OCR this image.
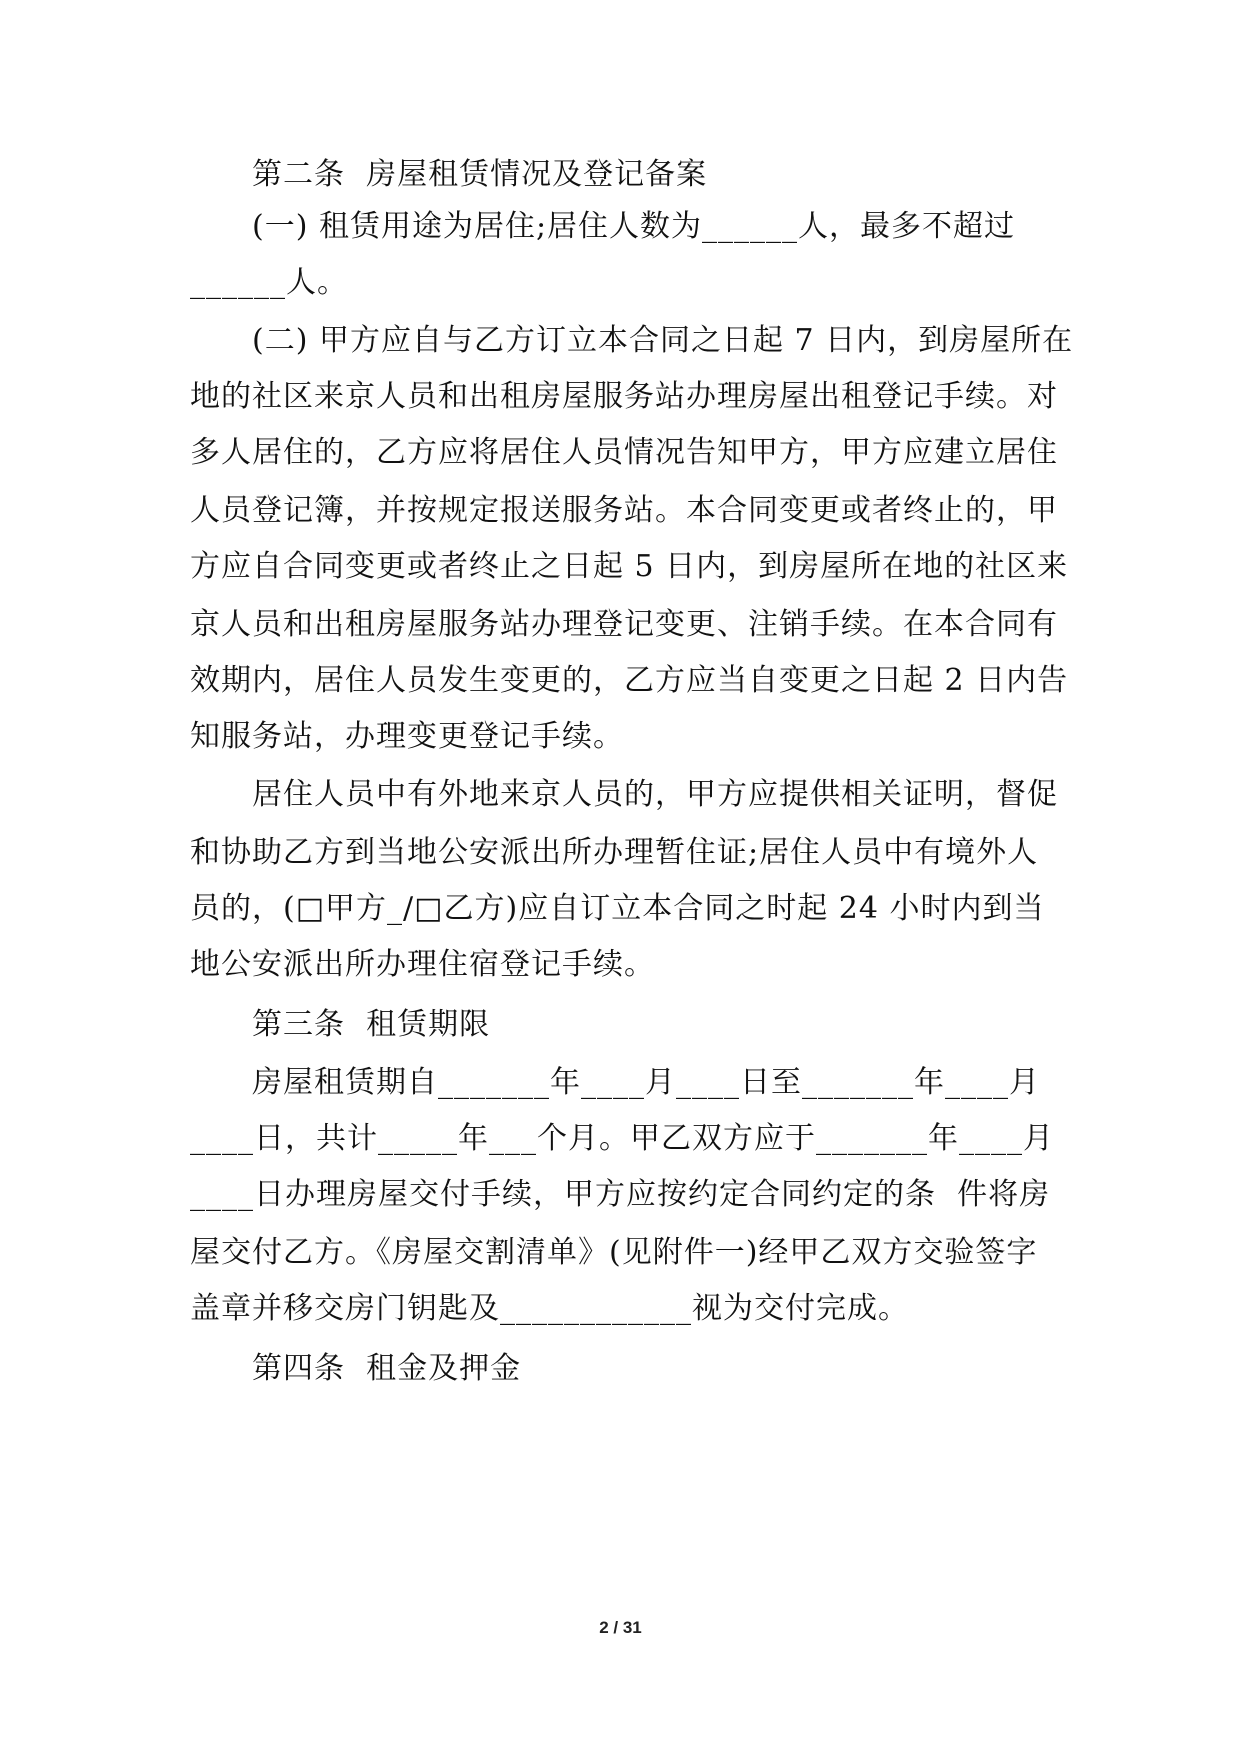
第二条  房屋租赁情况及登记备案
(一) 租赁用途为居住;居住人数为______人，最多不超过
______人。
(二) 甲方应自与乙方订立本合同之日起 7 日内，到房屋所在
地的社区来京人员和出租房屋服务站办理房屋出租登记手续。对
多人居住的，乙方应将居住人员情况告知甲方，甲方应建立居住
人员登记簿，并按规定报送服务站。本合同变更或者终止的，甲
方应自合同变更或者终止之日起 5 日内，到房屋所在地的社区来
京人员和出租房屋服务站办理登记变更、注销手续。在本合同有
效期内，居住人员发生变更的，乙方应当自变更之日起 2 日内告
知服务站，办理变更登记手续。
居住人员中有外地来京人员的，甲方应提供相关证明，督促
和协助乙方到当地公安派出所办理暂住证;居住人员中有境外人
员的，(□甲方_/□乙方)应自订立本合同之时起 24 小时内到当
地公安派出所办理住宿登记手续。
第三条  租赁期限
房屋租赁期自_______年____月____日至_______年____月
____日，共计_____年___个月。甲乙双方应于_______年____月
____日办理房屋交付手续，甲方应按约定合同约定的条  件将房
屋交付乙方。《房屋交割清单》(见附件一)经甲乙双方交验签字
盖章并移交房门钥匙及____________视为交付完成。
第四条  租金及押金
2 / 31
